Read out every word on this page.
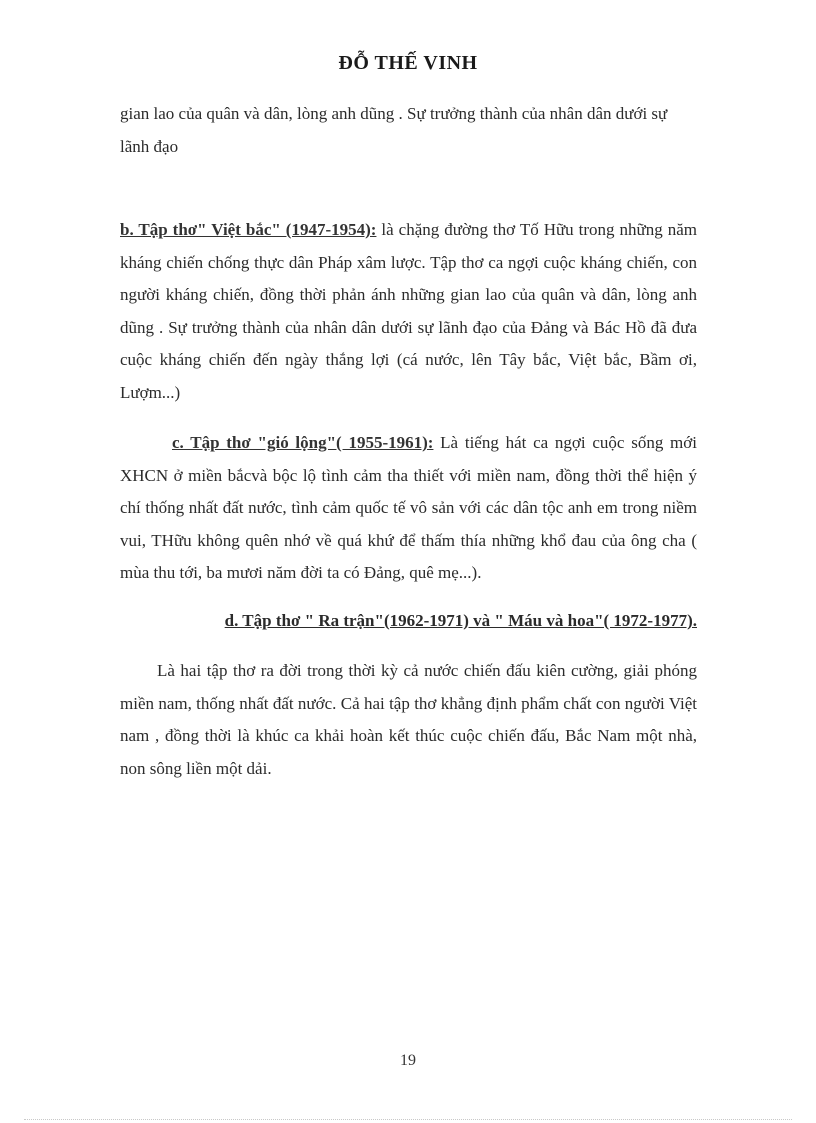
ĐỖ THẾ VINH

gian lao của quân và dân, lòng anh dũng . Sự trưởng thành của nhân dân dưới sự lãnh đạo

b. Tập thơ" Việt bắc" (1947-1954): là chặng đường thơ Tố Hữu trong những năm kháng chiến chống thực dân Pháp xâm lược. Tập thơ ca ngợi cuộc kháng chiến, con người kháng chiến, đồng thời phản ánh những gian lao của quân và dân, lòng anh dũng . Sự trưởng thành của nhân dân dưới sự lãnh đạo của Đảng và Bác Hồ đã đưa cuộc kháng chiến đến ngày thắng lợi (cá nước, lên Tây bắc, Việt bắc, Bầm ơi, Lượm...)

c. Tập thơ "gió lộng"( 1955-1961): Là tiếng hát ca ngợi cuộc sống mới XHCN ở miền bắcvà bộc lộ tình cảm tha thiết với miền nam, đồng thời thể hiện ý chí thống nhất đất nước, tình cảm quốc tế vô sản với các dân tộc anh em trong niềm vui, THữu không quên nhớ về quá khứ để thấm thía những khổ đau của ông cha ( mùa thu tới, ba mươi năm đời ta có Đảng, quê mẹ...).

d. Tập thơ " Ra trận"(1962-1971) và " Máu và hoa"( 1972-1977).

Là hai tập thơ ra đời trong thời kỳ cả nước chiến đấu kiên cường, giải phóng miền nam, thống nhất đất nước. Cả hai tập thơ khẳng định phẩm chất con người Việt nam , đồng thời là khúc ca khải hoàn kết thúc cuộc chiến đấu, Bắc Nam một nhà, non sông liền một dải.

19
